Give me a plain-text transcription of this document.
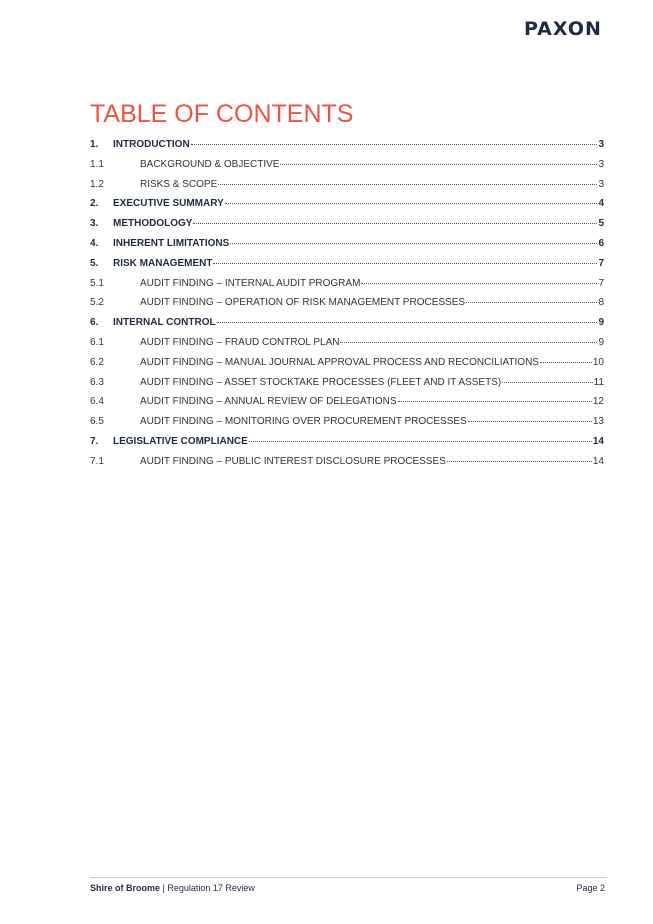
PAXON
TABLE OF CONTENTS
1.	INTRODUCTION	3
1.1	BACKGROUND & OBJECTIVE	3
1.2	RISKS & SCOPE	3
2.	EXECUTIVE SUMMARY	4
3.	METHODOLOGY	5
4.	INHERENT LIMITATIONS	6
5.	RISK MANAGEMENT	7
5.1	AUDIT FINDING – INTERNAL AUDIT PROGRAM	7
5.2	AUDIT FINDING – OPERATION OF RISK MANAGEMENT PROCESSES	8
6.	INTERNAL CONTROL	9
6.1	AUDIT FINDING – FRAUD CONTROL PLAN	9
6.2	AUDIT FINDING – MANUAL JOURNAL APPROVAL PROCESS AND RECONCILIATIONS	10
6.3	AUDIT FINDING – ASSET STOCKTAKE PROCESSES (FLEET AND IT ASSETS)	11
6.4	AUDIT FINDING – ANNUAL REVIEW OF DELEGATIONS	12
6.5	AUDIT FINDING – MONITORING OVER PROCUREMENT PROCESSES	13
7.	LEGISLATIVE COMPLIANCE	14
7.1	AUDIT FINDING – PUBLIC INTEREST DISCLOSURE PROCESSES	14
Shire of Broome | Regulation 17 Review	Page 2
